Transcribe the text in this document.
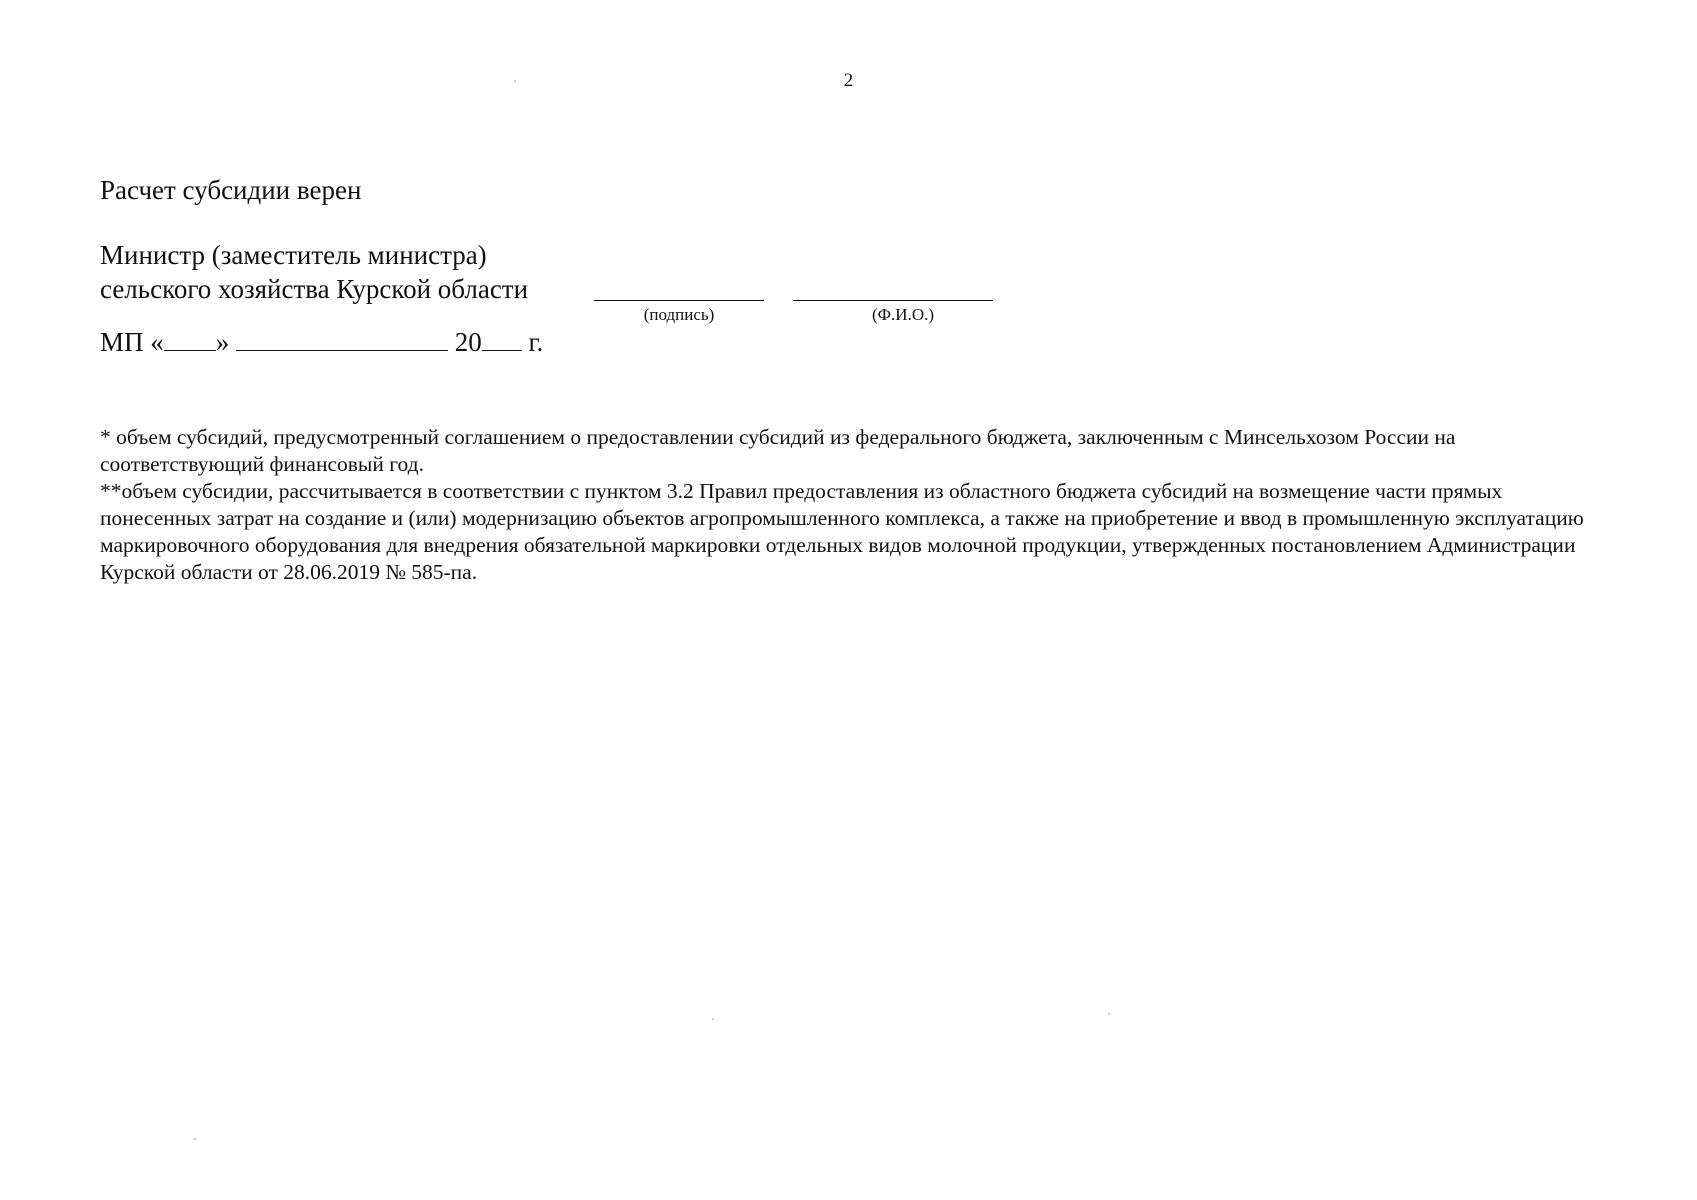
2
Расчет субсидии верен
Министр (заместитель министра)
сельского хозяйства Курской области
(подпись)	(Ф.И.О.)
МП « »	20 г.

* объем субсидий, предусмотренный соглашением о предоставлении субсидий из федерального бюджета, заключенным с Минсельхозом России на соответствующий финансовый год.

**объем субсидии, рассчитывается в соответствии с пунктом 3.2 Правил предоставления из областного бюджета субсидий на возмещение части прямых понесенных затрат на создание и (или) модернизацию объектов агропромышленного комплекса, а также на приобретение и ввод в промышленную эксплуатацию маркировочного оборудования для внедрения обязательной маркировки отдельных видов молочной продукции, утвержденных постановлением Администрации Курской области от 28.06.2019 № 585-па.
